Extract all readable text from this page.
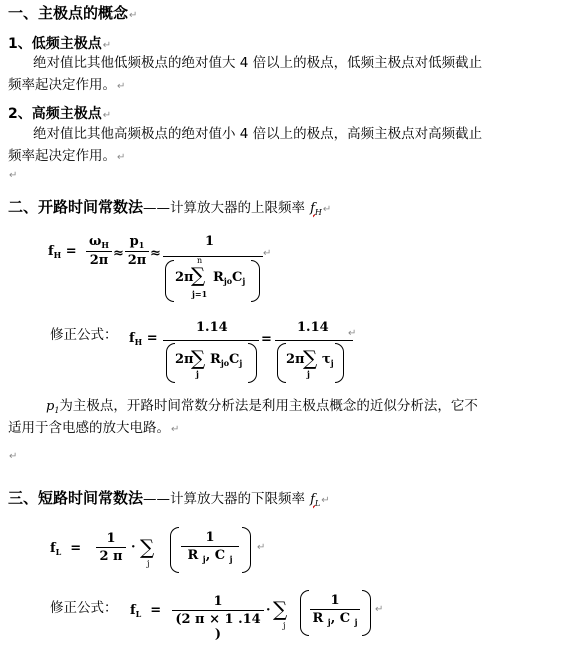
一、主极点的概念↵
1、低频主极点↵
绝对值比其他低频极点的绝对值大 4 倍以上的极点，低频主极点对低频截止
频率起决定作用。↵
2、高频主极点↵
绝对值比其他高频极点的绝对值小 4 倍以上的极点，高频主极点对高频截止
频率起决定作用。↵
↵
二、开路时间常数法——计算放大器的上限频率 $f_H↵$
$f_H$ =
$\omega_H$
2π ≈
$p_1$
2π ≈
1
2π
n
∑
j=1
$R_{jo}C_j$
↵
修正公式： $f_H$ =
1.14
2π
∑
j
$R_{jo}C_j$
=
1.14
2π
∑
j
$\tau_j$
↵
$p_1$为主极点，开路时间常数分析法是利用主极点概念的近似分析法，它不
适用于含电感的放大电路。↵
↵
三、短路时间常数法——计算放大器的下限频率 $f_L↵$
$f_L$ =
1
2 π
· ∑
j
1
R $_j$, C $_j$
↵
修正公式： $f_L$ =
1
(2 π × 1 .14 )
· ∑
j
1
R $_j$, C $_j$
↵
